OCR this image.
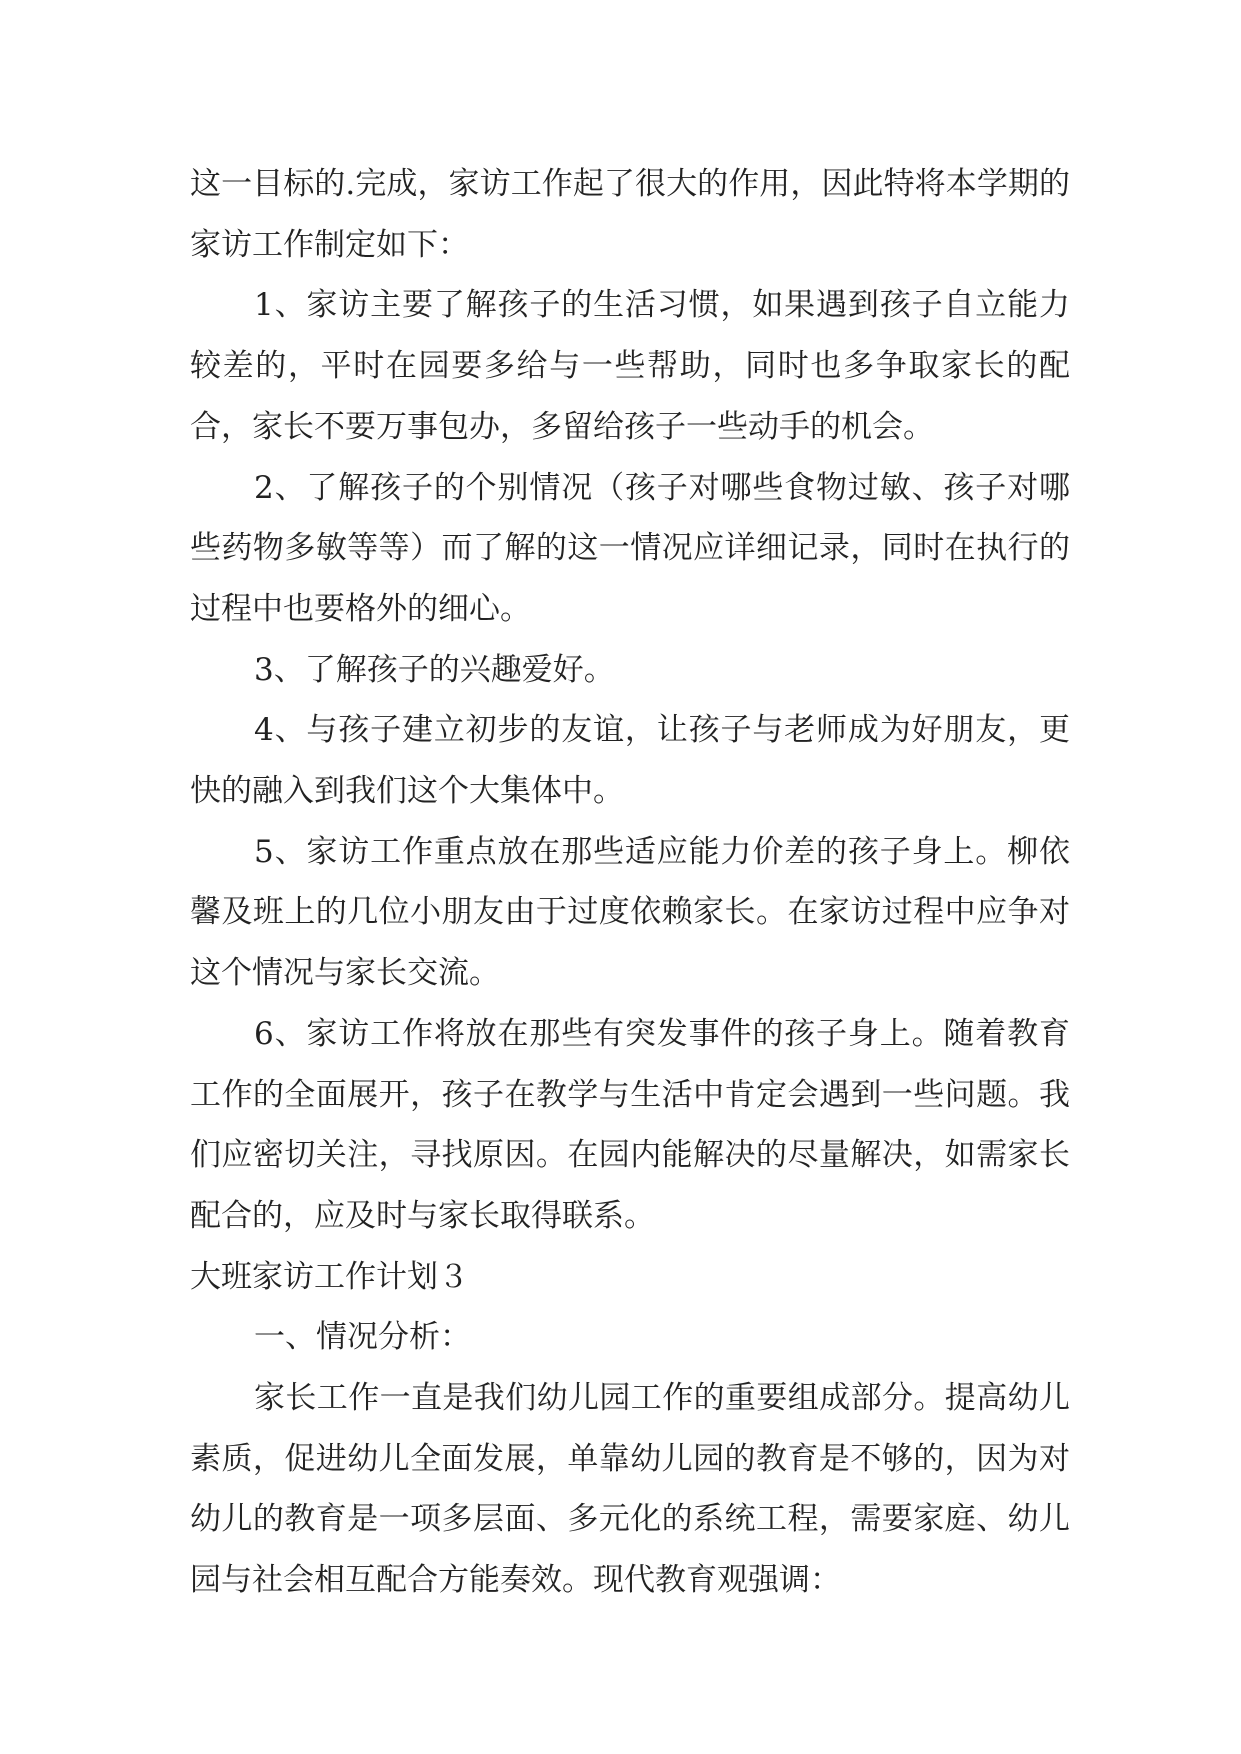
这一目标的.完成，家访工作起了很大的作用，因此特将本学期的家访工作制定如下：

1、家访主要了解孩子的生活习惯，如果遇到孩子自立能力较差的，平时在园要多给与一些帮助，同时也多争取家长的配合，家长不要万事包办，多留给孩子一些动手的机会。

2、了解孩子的个别情况（孩子对哪些食物过敏、孩子对哪些药物多敏等等）而了解的这一情况应详细记录，同时在执行的过程中也要格外的细心。

3、了解孩子的兴趣爱好。

4、与孩子建立初步的友谊，让孩子与老师成为好朋友，更快的融入到我们这个大集体中。

5、家访工作重点放在那些适应能力价差的孩子身上。柳依馨及班上的几位小朋友由于过度依赖家长。在家访过程中应争对这个情况与家长交流。

6、家访工作将放在那些有突发事件的孩子身上。随着教育工作的全面展开，孩子在教学与生活中肯定会遇到一些问题。我们应密切关注，寻找原因。在园内能解决的尽量解决，如需家长配合的，应及时与家长取得联系。

大班家访工作计划３

一、情况分析：

家长工作一直是我们幼儿园工作的重要组成部分。提高幼儿素质，促进幼儿全面发展，单靠幼儿园的教育是不够的，因为对幼儿的教育是一项多层面、多元化的系统工程，需要家庭、幼儿园与社会相互配合方能奏效。现代教育观强调：
